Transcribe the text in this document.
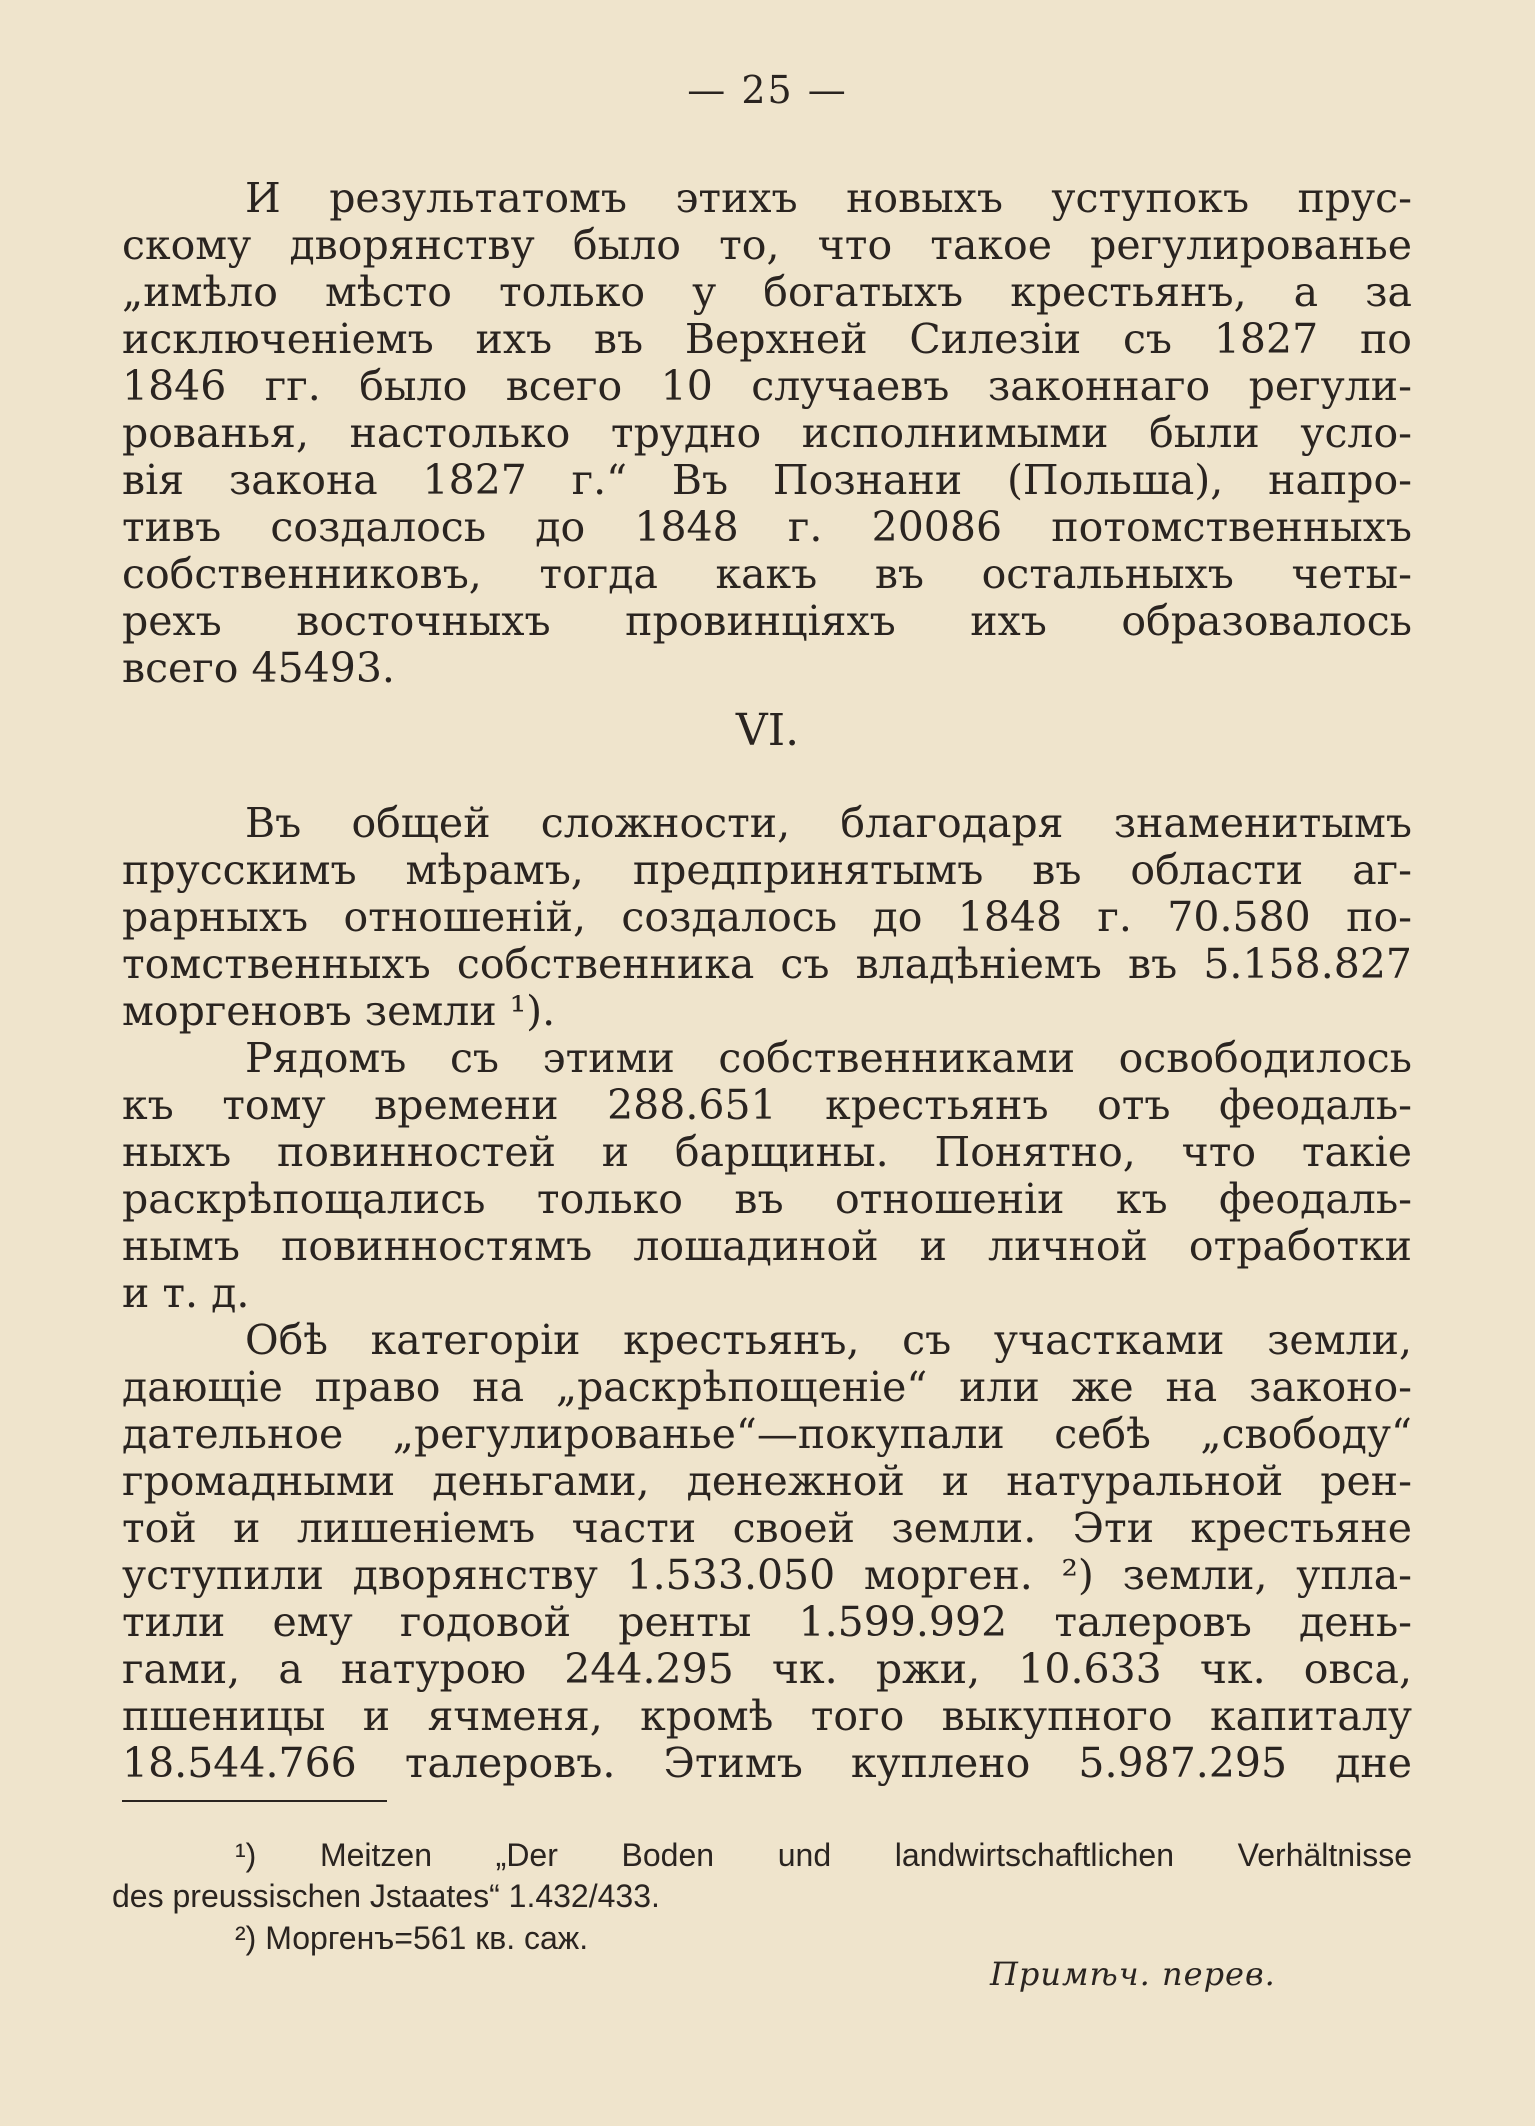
— 25 —
И результатомъ этихъ новыхъ уступокъ прус-
скому дворянству было то, что такое регулированье
„имѣло мѣсто только у богатыхъ крестьянъ, а за
исключеніемъ ихъ въ Верхней Силезіи съ 1827 по
1846 гг. было всего 10 случаевъ законнаго регули-
рованья, настолько трудно исполнимыми были усло-
вія закона 1827 г.“ Въ Познани (Польша), напро-
тивъ создалось до 1848 г. 20086 потомственныхъ
собственниковъ, тогда какъ въ остальныхъ четы-
рехъ восточныхъ провинціяхъ ихъ образовалось
всего 45493.
VI.
Въ общей сложности, благодаря знаменитымъ
прусскимъ мѣрамъ, предпринятымъ въ области аг-
рарныхъ отношеній, создалось до 1848 г. 70.580 по-
томственныхъ собственника съ владѣніемъ въ 5.158.827
моргеновъ земли ¹).
Рядомъ съ этими собственниками освободилось
къ тому времени 288.651 крестьянъ отъ феодаль-
ныхъ повинностей и барщины. Понятно, что такіе
раскрѣпощались только въ отношеніи къ феодаль-
нымъ повинностямъ лошадиной и личной отработки
и т. д.
Обѣ категоріи крестьянъ, съ участками земли,
дающіе право на „раскрѣпощеніе“ или же на законо-
дательное „регулированье“—покупали себѣ „свободу“
громадными деньгами, денежной и натуральной рен-
той и лишеніемъ части своей земли. Эти крестьяне
уступили дворянству 1.533.050 морген. ²) земли, упла-
тили ему годовой ренты 1.599.992 талеровъ день-
гами, а натурою 244.295 чк. ржи, 10.633 чк. овса,
пшеницы и ячменя, кромѣ того выкупного капиталу
18.544.766 талеровъ. Этимъ куплено 5.987.295 дне
¹) Meitzen „Der Boden und landwirtschaftlichen Verhältnisse
des preussischen Jstaates“ 1.432/433.
²) Моргенъ=561 кв. саж.
Примѣч. перев.
